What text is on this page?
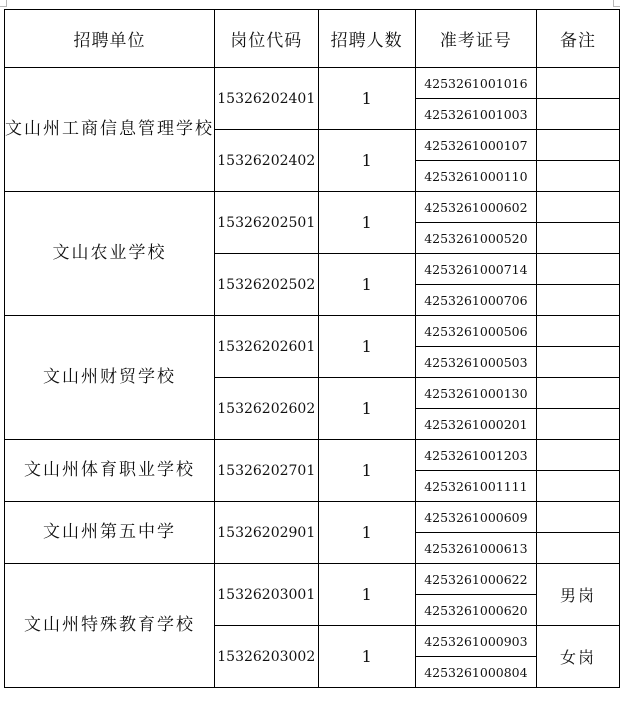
招聘单位	岗位代码	招聘人数	准考证号	备注
文山州工商信息管理学校	15326202401	1	4253261001016	
			4253261001003	
	15326202402	1	4253261000107	
			4253261000110	
文山农业学校	15326202501	1	4253261000602	
			4253261000520	
	15326202502	1	4253261000714	
			4253261000706	
文山州财贸学校	15326202601	1	4253261000506	
			4253261000503	
	15326202602	1	4253261000130	
			4253261000201	
文山州体育职业学校	15326202701	1	4253261001203	
			4253261001111	
文山州第五中学	15326202901	1	4253261000609	
			4253261000613	
文山州特殊教育学校	15326203001	1	4253261000622	男岗
			4253261000620	
	15326203002	1	4253261000903	女岗
			4253261000804	
